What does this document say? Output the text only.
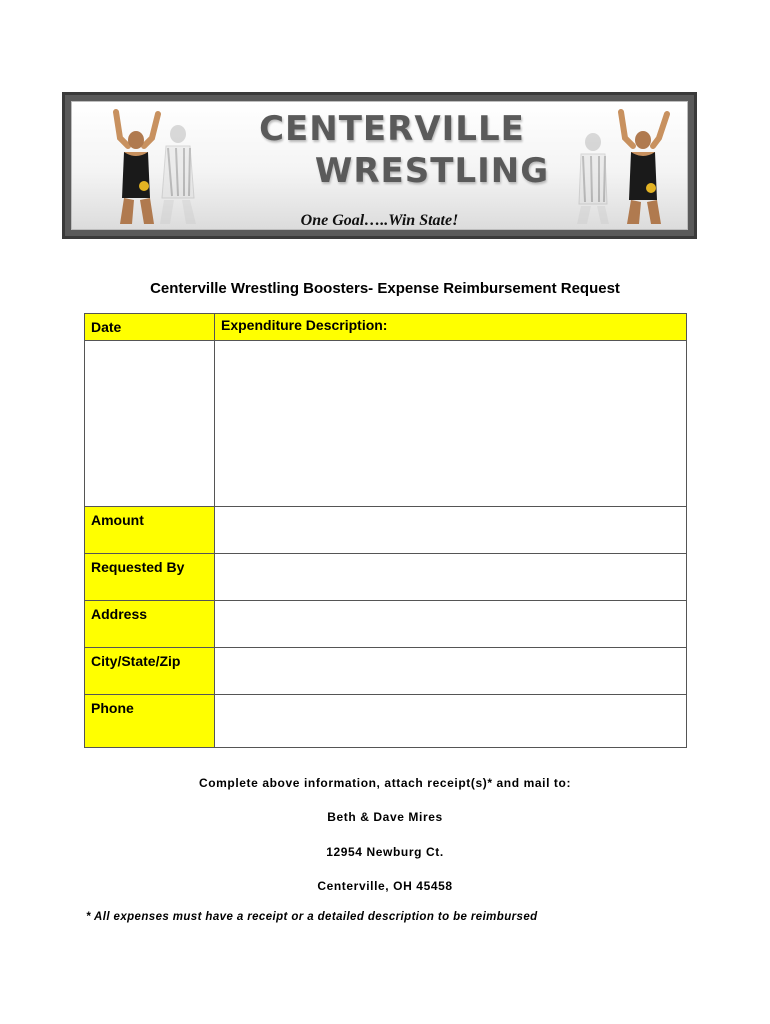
CENTERVILLE
WRESTLING
One Goal…..Win State!
Centerville Wrestling Boosters- Expense Reimbursement Request
Date	Expenditure Description:

Amount	
Requested By	
Address	
City/State/Zip	
Phone	
Complete above information, attach receipt(s)* and mail to:
Beth & Dave Mires
12954 Newburg Ct.
Centerville, OH 45458
* All expenses must have a receipt or a detailed description to be reimbursed
